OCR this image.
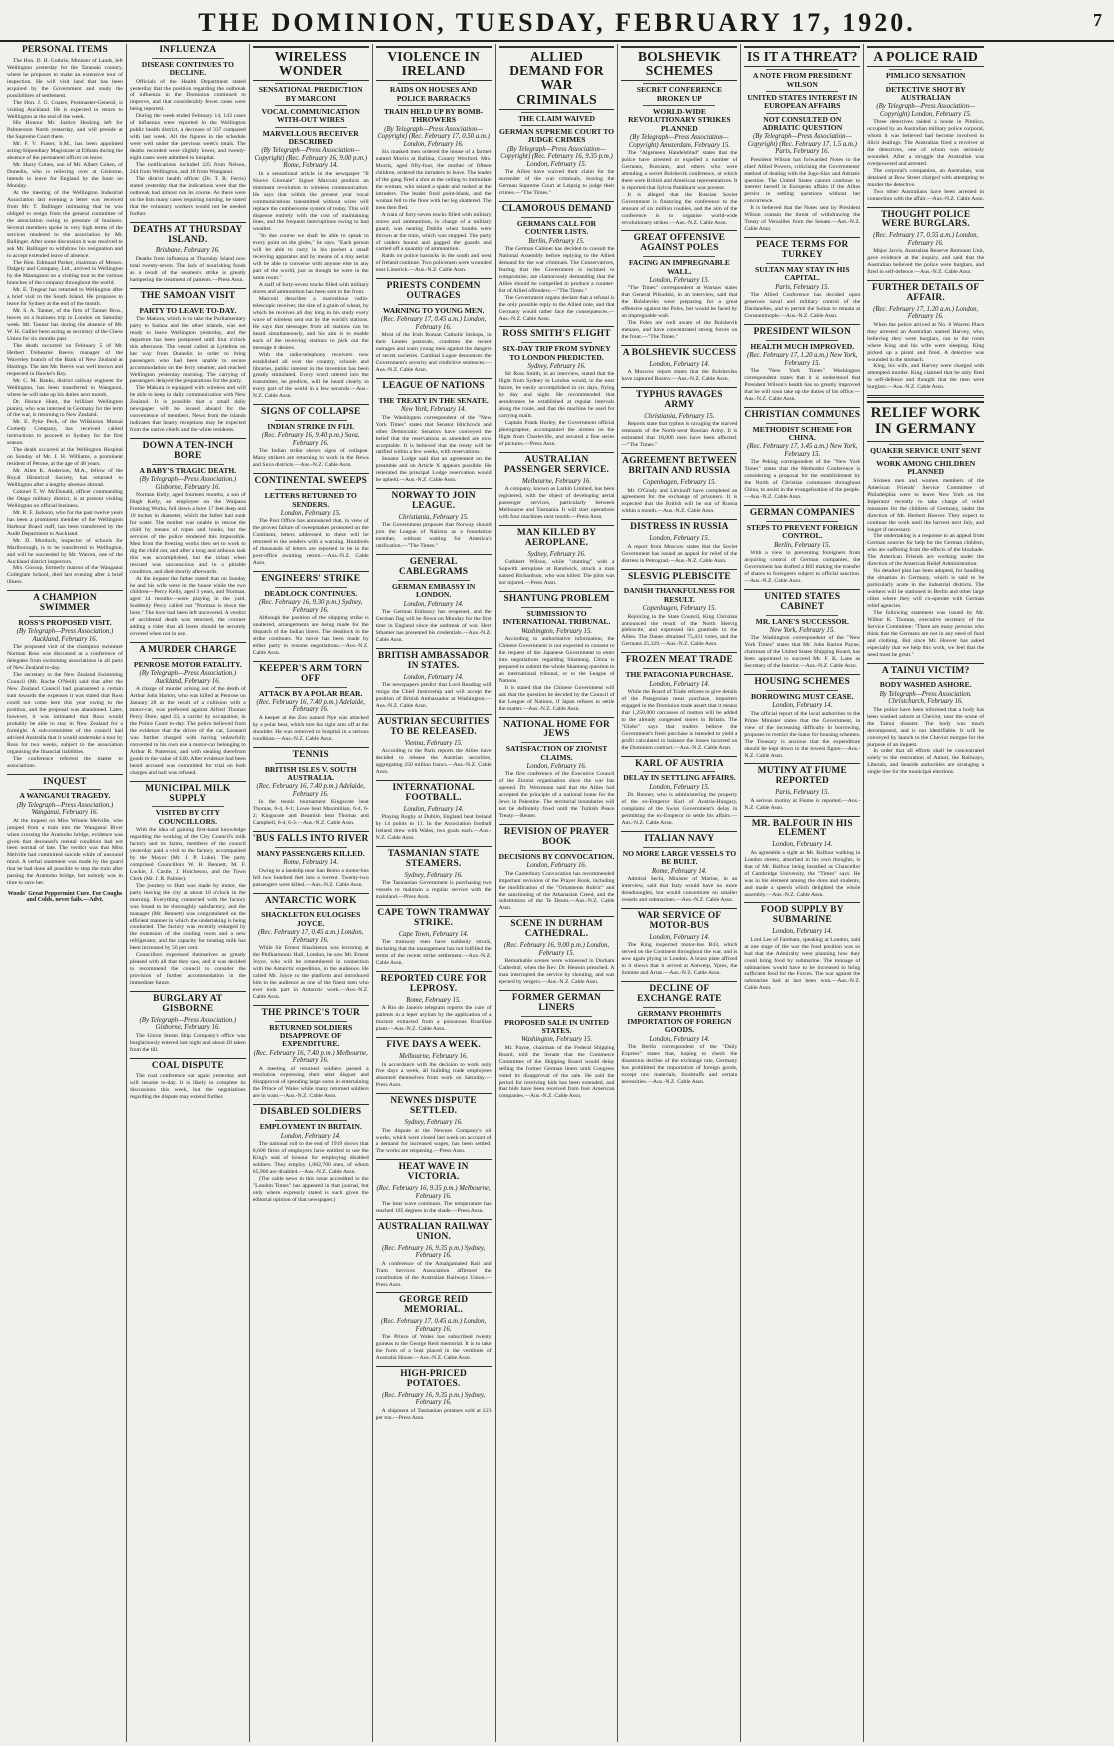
THE DOMINION, TUESDAY, FEBRUARY 17, 1920.	7
PERSONAL ITEMS

The Hon. D. H. Guthrie, Minister of Lands, left Wellington yesterday for the Taranaki country, where he proposes to make an extensive tour of inspection. He will visit land that has been acquired by the Government and study the possibilities of settlement.

The Hon. J. G. Coates, Postmaster-General, is visiting Auckland. He is expected to return to Wellington at the end of the week.

His Honour Mr. Justice Hosking left for Palmerston North yesterday, and will preside at the Supreme Court there.

Mr. F. V. Fraser, S.M., has been appointed acting-Stipendiary Magistrate at Eltham during the absence of the permanent officer on leave.

Mr. Harry Cohen, son of Mr. Albert Cohen, of Dunedin, who is relieving over at Gisborne, intends to leave for England by the Ionic on Monday.

At the meeting of the Wellington Industrial Association last evening a letter was received from Mr. T. Ballinger intimating that he was obliged to resign from the general committee of the association owing to pressure of business. Several members spoke in very high terms of the services rendered to the association by Mr. Ballinger. After some discussion it was resolved to ask Mr. Ballinger to withdraw his resignation and to accept extended leave of absence.

The Hon. Edmund Parker, chairman of Messrs. Dalgety and Company, Ltd., arrived in Wellington by the Maunganui on a visiting tour to the various branches of the company throughout the world.

Mr. E. Tregear has returned to Wellington after a brief visit to the South Island. He proposes to leave for Sydney at the end of the month.

Mr. S. A. Tanner, of the firm of Tanner Bros., leaves on a business trip to London on Saturday week. Mr. Tanner has during the absence of Mr. W. H. Gallier been acting as secretary of the Chess Union for six months past.

The death occurred on February 5 of Mr. Herbert Trehearne Reeve, manager of the Waverley branch of the Bank of New Zealand at Hastings. The late Mr. Reeve was well known and respected in Hawke's Bay.

Mr. C. M. Banks, district railway engineer for Wellington, has been transferred to Wanganui, where he will take up his duties next month.

Dr. Horace Hunt, the brilliant Wellington pianist, who was interned in Germany for the term of the war, is returning to New Zealand.

Mr. E. Pyke Peck, of the Wilkinson Mutual Comedy Company, has received cabled instructions to proceed to Sydney for the first season.

The death occurred at the Wellington Hospital on Sunday of Mr. J. H. Williams, a prominent resident of Petone, at the age of 48 years.

Mr. Allen K. Anderson, M.A., fellow of the Royal Historical Society, has returned to Wellington after a lengthy absence abroad.

Colonel T. W. McDonald, officer commanding the Otago military district, is at present visiting Wellington on official business.

Mr. R. F. Jackson, who for the past twelve years has been a prominent member of the Wellington Harbour Board staff, has been transferred by the Audit Department to Auckland.

Mr. D. Murdoch, inspector of schools for Marlborough, is to be transferred to Wellington, and will be succeeded by Mr. Warren, one of the Auckland district inspectors.

Mrs. Gossop, formerly matron of the Wanganui Collegiate School, died last evening after a brief illness.

A CHAMPION SWIMMER
ROSS'S PROPOSED VISIT.
(By Telegraph—Press Association.) Auckland, February 16.

The proposed visit of the champion swimmer Norman Ross was discussed at a conference of delegates from swimming associations in all parts of New Zealand to-day.

The secretary to the New Zealand Swimming Council (Mr. Roche O'Neill) said that after the New Zealand Council had guaranteed a certain sum towards the expenses it was stated that Ross could not come here this year owing to the position, and the proposal was abandoned. Later, however, it was intimated that Ross would probably be able to stay in New Zealand for a fortnight. A sub-committee of the council had advised Australia that it would undertake a tour by Ross for two weeks, subject to the association organising the financial liabilities.

The conference referred the matter to associations.

INQUEST
A WANGANUI TRAGEDY.
(By Telegraph—Press Association.) Wanganui, February 16.

At the inquest on Miss Winnie Melville, who jumped from a train into the Wanganui River when crossing the Aramoho bridge, evidence was given that deceased's mental condition had not been normal of late. The verdict was that Miss Melville had committed suicide while of unsound mind. A verbal statement was made by the guard that he had done all possible to stop the train after passing the Aramoho bridge, but nobody was in time to save her.

Woods' Great Peppermint Cure. For Coughs and Colds, never fails.—Advt.
INFLUENZA
DISEASE CONTINUES TO DECLINE.

Officials of the Health Department stated yesterday that the position regarding the outbreak of influenza in the Dominion continued to improve, and that considerably fewer cases were being reported.

During the week ended February 14, 143 cases of influenza were reported in the Wellington public health district, a decrease of 337 compared with last week. All the figures in the schedule were well under the previous week's totals. The deaths recorded were slightly lower, and twenty-eight cases were admitted to hospital.

The notifications included 225 from Nelson, 244 from Wellington, and 18 from Wanganui.

The district health officer (Dr. T. R. Ferris) stated yesterday that the indications were that the outbreak had almost run its course. As there were on the lists many cases requiring nursing, he stated that the voluntary workers would not be needed further.

DEATHS AT THURSDAY ISLAND.
Brisbane, February 16.

Deaths from influenza at Thursday Island now total twenty-seven. The lack of nourishing foods as a result of the seamen's strike is greatly hampering the treatment of patients.—Press Assn.

THE SAMOAN VISIT
PARTY TO LEAVE TO-DAY.

The Makura, which is to take the Parliamentary party to Samoa and the other islands, was not ready to leave Wellington yesterday, and the departure has been postponed until four o'clock this afternoon. The vessel called at Lyttelton on her way from Dunedin in order to bring passengers who had been unable to secure accommodation on the ferry steamer, and reached Wellington yesterday morning. The carrying of passengers delayed the preparations for the party.

The Makura is equipped with wireless and will be able to keep in daily communication with New Zealand. It is possible that a small daily newspaper will be issued aboard for the convenience of members. News from the islands indicates that hearty receptions may be expected from the native chiefs and the white residents.

DOWN A TEN-INCH BORE
A BABY'S TRAGIC DEATH.
(By Telegraph—Press Association.) Gisborne, February 16.

Norman Kelly, aged fourteen months, a son of Hugh Kelly, an employee on the Waipaoa Freezing Works, fell down a bore 17 feet deep and 10 inches in diameter, which the father had sunk for water. The mother was unable to rescue the child by means of ropes and hooks, but the services of the police rendered this impossible. Men from the freezing works then set to work to dig the child out, and after a long and arduous task this was accomplished, but the infant when rescued was unconscious and in a pitiable condition, and died shortly afterwards.

At the inquest the father stated that on Sunday he and his wife were in the house while the two children—Percy Kelly, aged 3 years, and Norman, aged 14 months—were playing in the yard. Suddenly Percy called out "Norman is down the bore." The bore had been left uncovered. A verdict of accidental death was returned, the coroner adding a rider that all bores should be securely covered when not in use.

A MURDER CHARGE
PENROSE MOTOR FATALITY.
(By Telegraph—Press Association.) Auckland, February 16.

A charge of murder arising out of the death of Arthur John Harton, who was killed at Penrose on January 28 as the result of a collision with a motor-car, was preferred against Alfred Thomas Percy Dore, aged 23, a carrier by occupation, in the Police Court to-day. The police believed from the evidence that the driver of the car, Leonard was further charged with having unlawfully converted to his own use a motor-car belonging to Arthur R. Patterson, and with stealing therefrom goods to the value of £40. After evidence had been heard accused was committed for trial on both charges and bail was refused.

MUNICIPAL MILK SUPPLY
VISITED BY CITY COUNCILLORS.

With the idea of gaining first-hand knowledge regarding the working of the City Council's milk factory and its farms, members of the council yesterday paid a visit to the factory, accompanied by the Mayor (Mr. J. P. Luke). The party comprised Councillors W. H. Bennett, M. F. Luckie, J. Castle, J. Hutcheson, and the Town Clerk (Mr. J. R. Palmer).

The journey to Hutt was made by motor, the party leaving the city at about 10 o'clock in the morning. Everything connected with the factory was found to be thoroughly satisfactory, and the manager (Mr. Bennett) was congratulated on the efficient manner in which the undertaking is being conducted. The factory was recently enlarged by the extension of the cooling room and a new refrigerator, and the capacity for treating milk has been increased by 50 per cent.

Councillors expressed themselves as greatly pleased with all that they saw, and it was decided to recommend the council to consider the provision of further accommodation in the immediate future.

BURGLARY AT GISBORNE
(By Telegraph—Press Association.) Gisborne, February 16.

The Union Steam Ship Company's office was burglariously entered last night and about £8 taken from the till.

COAL DISPUTE

The coal conference sat again yesterday and will resume to-day. It is likely to complete its discussions this week, but the negotiations regarding the dispute may extend further.

WIRELESS WONDER
SENSATIONAL PREDICTION BY MARCONI
VOCAL COMMUNICATION WITH-OUT WIRES
MARVELLOUS RECEIVER DESCRIBED
(By Telegraph—Press Association—Copyright) (Rec. February 16, 9.00 p.m.) Rome, February 14.

In a sensational article in the newspaper "Il Nuovo Giornale" Signor Marconi predicts an imminent revolution in wireless communication. He says that within the present year vocal communications transmitted without wires will replace the cumbersome system of today. This will dispense entirely with the cost of maintaining lines, and the frequent interruptions owing to bad weather.

"In due course we shall be able to speak to every point on the globe," he says. "Each person will be able to carry in his pocket a small receiving apparatus and by means of a tiny aerial will be able to converse with anyone else in any part of the world, just as though he were in the same room."

A staff of forty-seven trucks filled with military stores and ammunition has been sent to the front.

Marconi describes a marvellous radio-telescopic receiver, the size of a grain of wheat, by which he receives all day long in his study every wave of wireless sent out by the world's stations. He says that messages from all stations can be heard simultaneously, and his aim is to enable each of the receiving stations to pick out the message it desires.

With the radio-telephony receivers now established all over the country, schools and libraries, public interest in the invention has been greatly stimulated. Every word uttered into the transmitter, he predicts, will be heard clearly in every part of the world in a few seconds.—Aus.-N.Z. Cable Assn.

SIGNS OF COLLAPSE
INDIAN STRIKE IN FIJI.
(Rec. February 16, 9.40 p.m.) Suva, February 16.

The Indian strike shows signs of collapse. Many strikers are returning to work in the Rewa and Suva districts.—Aus.-N.Z. Cable Assn.

CONTINENTAL SWEEPS
LETTERS RETURNED TO SENDERS.
London, February 15.

The Post Office has announced that, in view of the proven failure of sweepstakes promoted on the Continent, letters addressed to these will be returned to the senders with a warning. Hundreds of thousands of letters are reported to be in the post-office awaiting return.—Aus.-N.Z. Cable Assn.

ENGINEERS' STRIKE
DEADLOCK CONTINUES.
(Rec. February 16, 9.30 p.m.) Sydney, February 16.

Although the position of the shipping strike is unaltered, arrangements are being made for the dispatch of the Indian liners. The deadlock in the strike continues. No move has been made by either party to resume negotiations.—Aus.-N.Z. Cable Assn.

KEEPER'S ARM TORN OFF
ATTACK BY A POLAR BEAR.
(Rec. February 16, 7.40 p.m.) Adelaide, February 16.

A keeper at the Zoo named Nye was attacked by a polar bear, which tore his right arm off at the shoulder. He was removed to hospital in a serious condition.—Aus.-N.Z. Cable Assn.

TENNIS
BRITISH ISLES V. SOUTH AUSTRALIA.
(Rec. February 16, 7.40 p.m.) Adelaide, February 16.

In the tennis tournament Kingscote beat Thomas, 6-4, 6-1; Lowe beat Maximilian, 6-4, 6-2; Kingscote and Beamish beat Thomas and Campbell, 6-4, 6-3.—Aus.-N.Z. Cable Assn.

'BUS FALLS INTO RIVER
MANY PASSENGERS KILLED.
Rome, February 14.

Owing to a landslip near San Remo a motor-bus fell two hundred feet into a torrent. Twenty-two passengers were killed.—Aus.-N.Z. Cable Assn.

ANTARCTIC WORK
SHACKLETON EULOGISES JOYCE.
(Rec. February 17, 0.45 a.m.) London, February 16.

While Sir Ernest Shackleton was lecturing at the Philharmonic Hall, London, he saw Mr. Ernest Joyce, who will be remembered in connection with the Antarctic expedition, in the audience. He called Mr. Joyce to the platform and introduced him to the audience as one of the finest men who ever took part in Antarctic work.—Aus.-N.Z. Cable Assn.

THE PRINCE'S TOUR
RETURNED SOLDIERS DISAPPROVE OF EXPENDITURE.
(Rec. February 16, 7.40 p.m.) Melbourne, February 16.

A meeting of returned soldiers passed a resolution expressing their utter disgust and disapproval of spending large sums in entertaining the Prince of Wales while many returned soldiers are in want.—Aus.-N.Z. Cable Assn.

DISABLED SOLDIERS
EMPLOYMENT IN BRITAIN.
London, February 14.

The national roll to the end of 1919 shows that 8,600 firms of employers have entitled to use the King's seal of honour for employing disabled soldiers. They employ 1,082,700 men, of whom 65,900 are disabled.—Aus.-N.Z. Cable Assn.

(The cable news in this issue accredited to the "London Times" has appeared in that journal, but only where expressly stated is such given the editorial opinion of that newspaper.)

VIOLENCE IN IRELAND
RAIDS ON HOUSES AND POLICE BARRACKS
TRAIN HELD UP BY BOMB-THROWERS
(By Telegraph—Press Association—Copyright) (Rec. February 17, 0.50 a.m.) London, February 16.

Six masked men ordered the house of a farmer named Morris at Ballina, County Wexford. Mrs. Morris, aged fifty-four, the mother of fifteen children, ordered the intruders to leave. The leader of the gang fired a shot at the ceiling to intimidate the woman, who seized a spade and rushed at the intruders. The leader fired point-blank, and the woman fell to the floor with her leg shattered. The men then fled.

A train of forty-seven trucks filled with military stores and ammunition, in charge of a military guard, was nearing Dublin when bombs were thrown at the train, which was stopped. The party of raiders bound and gagged the guards and carried off a quantity of ammunition.

Raids on police barracks in the south and west of Ireland continue. Two policemen were wounded near Limerick.—Aus.-N.Z. Cable Assn.

PRIESTS CONDEMN OUTRAGES
WARNING TO YOUNG MEN.
(Rec. February 17, 0.45 a.m.) London, February 16.

Most of the Irish Roman Catholic bishops, in their Lenten pastorals, condemn the recent outrages and warn young men against the dangers of secret societies. Cardinal Logue denounces the Government's severity and vindictive sentences.—Aus.-N.Z. Cable Assn.

LEAGUE OF NATIONS
THE TREATY IN THE SENATE.
New York, February 14.

The Washington correspondent of the "New York Times" states that Senator Hitchcock and other Democratic Senators have conveyed the belief that the reservations as amended are now acceptable. It is believed that the treaty will be ratified within a few weeks, with reservations.

Senator Lodge said that an agreement on the preamble and on Article X appears possible. He reiterated the principal Lodge reservation would be upheld.—Aus.-N.Z. Cable Assn.

NORWAY TO JOIN LEAGUE.
Christiania, February 15.

The Government proposes that Norway should join the League of Nations as a foundation member, without waiting for America's ratification.—"The Times."

GENERAL CABLEGRAMS
GERMAN EMBASSY IN LONDON.
London, February 14.

The German Embassy has reopened, and the German flag will be flown on Monday for the first time in England since the outbreak of war. Herr Sthamer has presented his credentials.—Aus.-N.Z. Cable Assn.

BRITISH AMBASSADOR IN STATES.
London, February 14.

The newspapers predict that Lord Reading will resign the Chief Justiceship and will accept the position of British Ambassador at Washington.—Aus.-N.Z. Cable Assn.

AUSTRIAN SECURITIES TO BE RELEASED.
Vienna, February 15.

According to the Paris reports the Allies have decided to release the Austrian securities, aggregating 250 million francs.—Aus.-N.Z. Cable Assn.

INTERNATIONAL FOOTBALL.
London, February 14.

Playing Rugby at Dublin, England beat Ireland by 14 points to 11. In the Association football Ireland drew with Wales, two goals each.—Aus.-N.Z. Cable Assn.

TASMANIAN STATE STEAMERS.
Sydney, February 16.

The Tasmanian Government is purchasing two vessels to maintain a regular service with the mainland.—Press Assn.

CAPE TOWN TRAMWAY STRIKE.
Cape Town, February 14.

The tramway men have suddenly struck, declaring that the management has not fulfilled the terms of the recent strike settlement.—Aus.-N.Z. Cable Assn.

REPORTED CURE FOR LEPROSY.
Rome, February 15.

A Rio de Janeiro telegram reports the cure of patients in a leper asylum by the application of a tincture extracted from a poisonous Brazilian plant.—Aus.-N.Z. Cable Assn.

FIVE DAYS A WEEK.
Melbourne, February 16.

In accordance with the decision to work only five days a week, all building trade employees absented themselves from work on Saturday.—Press Assn.

NEWNES DISPUTE SETTLED.
Sydney, February 16.

The dispute at the Newnes Company's oil works, which were closed last week on account of a demand for increased wages, has been settled. The works are reopening.—Press Assn.

HEAT WAVE IN VICTORIA.
(Rec. February 16, 9.35 p.m.) Melbourne, February 16.

The heat wave continues. The temperature has reached 105 degrees in the shade.—Press Assn.

AUSTRALIAN RAILWAY UNION.
(Rec. February 16, 9.35 p.m.) Sydney, February 16.

A conference of the Amalgamated Rail and Tram Services Association affirmed the constitution of the Australian Railways Union.—Press Assn.

GEORGE REID MEMORIAL.
(Rec. February 17, 0.45 a.m.) London, February 16.

The Prince of Wales has subscribed twenty guineas to the George Reid memorial. It is to take the form of a bust placed in the vestibule of Australia House.—Aus.-N.Z. Cable Assn.

HIGH-PRICED POTATOES.
(Rec. February 16, 9.35 p.m.) Sydney, February 16.

A shipment of Tasmanian potatoes sold at £23 per ton.—Press Assn.

ALLIED DEMAND FOR WAR CRIMINALS
THE CLAIM WAIVED
GERMAN SUPREME COURT TO JUDGE CRIMES
(By Telegraph—Press Association—Copyright) (Rec. February 16, 9.35 p.m.) London, February 15.

The Allies have waived their claim for the surrender of the war criminals, leaving the German Supreme Court at Leipzig to judge their crimes.—"The Times."

CLAMOROUS DEMAND
GERMANS CALL FOR COUNTER LISTS.
Berlin, February 15.

The German Cabinet has decided to consult the National Assembly before replying to the Allied demand for the war criminals. The Conservatives, fearing that the Government is inclined to compromise, are clamorously demanding that the Allies should be compelled to produce a counter-list of Allied offenders.—"The Times."

The Government organs declare that a refusal is the only possible reply to the Allied note, and that Germany would rather face the consequences.—Aus.-N.Z. Cable Assn.

ROSS SMITH'S FLIGHT
SIX-DAY TRIP FROM SYDNEY TO LONDON PREDICTED.
Sydney, February 16.

Sir Ross Smith, in an interview, stated that the flight from Sydney to London would, in the near future, be easily accomplished in six days, flying by day and night. He recommended that aerodromes be established at regular intervals along the route, and that the machine be used for carrying mails.

Captain Frank Hurley, the Government official photographer, accompanied the airmen on the flight from Charleville, and secured a fine series of pictures.—Press Assn.

AUSTRALIAN PASSENGER SERVICE.
Melbourne, February 16.

A company, known as Larkin Limited, has been registered, with the object of developing aerial passenger services, particularly between Melbourne and Tasmania. It will start operations with four machines next month.—Press Assn.

MAN KILLED BY AEROPLANE.
Sydney, February 16.

Cuthbert Wilson, while "stunting" with a Sopwith aeroplane at Randwick, struck a man named Richardson, who was killed. The pilot was not injured.—Press Assn.

SHANTUNG PROBLEM
SUBMISSION TO INTERNATIONAL TRIBUNAL.
Washington, February 15.

According to authoritative information, the Chinese Government is not expected to consent to the request of the Japanese Government to enter into negotiations regarding Shantung. China is prepared to submit the whole Shantung question to an international tribunal, or to the League of Nations.

It is stated that the Chinese Government will ask that the question be decided by the Council of the League of Nations, if Japan refuses to settle the matter.—Aus.-N.Z. Cable Assn.

NATIONAL HOME FOR JEWS
SATISFACTION OF ZIONIST CLAIMS.
London, February 16.

The first conference of the Executive Council of the Zionist organisation since the war has opened. Dr. Weizmann said that the Allies had accepted the principle of a national home for the Jews in Palestine. The territorial boundaries will not be definitely fixed until the Turkish Peace Treaty.—Reuter.

REVISION OF PRAYER BOOK
DECISIONS BY CONVOCATION.
London, February 16.

The Canterbury Convocation has recommended important revisions of the Prayer Book, including the modification of the "Ornaments Rubric" and the sanctioning of the Athanasian Creed, and the substitution of the Te Deum.—Aus.-N.Z. Cable Assn.

SCENE IN DURHAM CATHEDRAL.
(Rec. February 16, 9.00 p.m.) London, February 15.

Remarkable scenes were witnessed in Durham Cathedral, when the Rev. Dr. Henson preached. A man interrupted the service by shouting, and was ejected by vergers.—Aus.-N.Z. Cable Assn.

FORMER GERMAN LINERS
PROPOSED SALE IN UNITED STATES.
Washington, February 15.

Mr. Payne, chairman of the Federal Shipping Board, told the Senate that the Commerce Committee of the Shipping Board would delay selling the former German liners until Congress voted its disapproval of the sale. He said the period for receiving bids has been extended, and that bids have been received from four American companies.—Aus.-N.Z. Cable Assn.

BOLSHEVIK SCHEMES
SECRET CONFERENCE BROKEN UP
WORLD-WIDE REVOLUTIONARY STRIKES PLANNED
(By Telegraph—Press Association—Copyright) Amsterdam, February 15.

The "Algemeen Handelsblad" states that the police have arrested or expelled a number of Germans, Russians, and others who were attending a secret Bolshevik conference, at which there were British and American representatives. It is reported that Sylvia Pankhurst was present.

It is alleged that the Russian Soviet Government is financing the conference to the amount of six million roubles, and the aim of the conference is to organise world-wide revolutionary strikes.—Aus.-N.Z. Cable Assn.

GREAT OFFENSIVE AGAINST POLES
FACING AN IMPREGNABLE WALL.
London, February 15.

"The Times" correspondent at Warsaw states that General Pilsudski, in an interview, said that the Bolsheviks were preparing for a great offensive against the Poles, but would be faced by an impregnable wall.

The Poles are well aware of the Bolshevik menace, and have concentrated strong forces on the front.—"The Times."

A BOLSHEVIK SUCCESS
London, February 14.

A Moscow report states that the Bolsheviks have captured Rostov.—Aus.-N.Z. Cable Assn.

TYPHUS RAVAGES ARMY
Christiania, February 15.

Reports state that typhus is ravaging the starved remnants of the North-west Russian Army. It is estimated that 18,000 men have been affected.—"The Times."

AGREEMENT BETWEEN BRITAIN AND RUSSIA
Copenhagen, February 15.

Mr. O'Grady and Litvinoff have completed an agreement for the exchange of prisoners. It is expected that the British will be out of Russia within a month.—Aus.-N.Z. Cable Assn.

DISTRESS IN RUSSIA
London, February 15.

A report from Moscow states that the Soviet Government has issued an appeal for relief of the distress in Petrograd.—Aus.-N.Z. Cable Assn.

SLESVIG PLEBISCITE
DANISH THANKFULNESS FOR RESULT.
Copenhagen, February 15.

Rejoicing in the State Council, King Christian announced the result of the North Slesvig plebiscite, and expressed his gratitude to the Allies. The Danes obtained 75,431 votes, and the Germans 25,329.—Aus.-N.Z. Cable Assn.

FROZEN MEAT TRADE
THE PATAGONIA PURCHASE.
London, February 14.

While the Board of Trade refuses to give details of the Patagonian meat purchase, importers engaged in the Dominion trade assert that it means that 1,250,000 carcasses of mutton will be added to the already congested stores in Britain. The "Globe" says that traders believe the Government's fresh purchase is intended to yield a profit calculated to balance the losses incurred on the Dominion contract.—Aus.-N.Z. Cable Assn.

KARL OF AUSTRIA
DELAY IN SETTLING AFFAIRS.
London, February 15.

Dr. Renner, who is administering the property of the ex-Emperor Karl of Austria-Hungary, complains of the Swiss Government's delay in permitting the ex-Emperor to settle his affairs.—Aus.-N.Z. Cable Assn.

ITALIAN NAVY
NO MORE LARGE VESSELS TO BE BUILT.
Rome, February 14.

Admiral Sechi, Minister of Marine, in an interview, said that Italy would have no more dreadnoughts, but would concentrate on smaller vessels and submarines.—Aus.-N.Z. Cable Assn.

WAR SERVICE OF MOTOR-BUS
London, February 14.

The King inspected motor-bus B43, which served on the Continent throughout the war, and is now again plying in London. A brass plate affixed to it shows that it served at Antwerp, Ypres, the Somme and Arras.—Aus.-N.Z. Cable Assn.

DECLINE OF EXCHANGE RATE
GERMANY PROHIBITS IMPORTATION OF FOREIGN GOODS.
London, February 14.

The Berlin correspondent of the "Daily Express" states that, hoping to check the disastrous decline of the exchange rate, Germany has prohibited the importation of foreign goods, except raw materials, foodstuffs and certain necessities.—Aus.-N.Z. Cable Assn.

IS IT A THREAT?
A NOTE FROM PRESIDENT WILSON
UNITED STATES INTEREST IN EUROPEAN AFFAIRS
NOT CONSULTED ON ADRIATIC QUESTION
(By Telegraph—Press Association—Copyright) (Rec. February 17, 1.5 a.m.) Paris, February 16.

President Wilson has forwarded Notes to the chief Allied Powers, criticising the Governments' method of dealing with the Jugo-Slav and Adriatic question. The United States cannot continue to interest herself in European affairs if the Allies persist in settling questions without her concurrence.

It is believed that the Notes sent by President Wilson contain the threat of withdrawing the Treaty of Versailles from the Senate.—Aus.-N.Z. Cable Assn.

PEACE TERMS FOR TURKEY
SULTAN MAY STAY IN HIS CAPITAL.
Paris, February 15.

The Allied Conference has decided upon generous naval and military control of the Dardanelles, and to permit the Sultan to remain at Constantinople.—Aus.-N.Z. Cable Assn.

PRESIDENT WILSON
HEALTH MUCH IMPROVED.
(Rec. February 17, 1.20 a.m.) New York, February 15.

The "New York Times" Washington correspondent states that it is understood that President Wilson's health has so greatly improved that he will soon take up the duties of his office.—Aus.-N.Z. Cable Assn.

CHRISTIAN COMMUNES
METHODIST SCHEME FOR CHINA.
(Rec. February 17, 1.45 a.m.) New York, February 15.

The Peking correspondent of the "New York Times" states that the Methodist Conference is considering a proposal for the establishment by the North of Christian communes throughout China, to assist in the evangelisation of the people.—Aus.-N.Z. Cable Assn.

GERMAN COMPANIES
STEPS TO PREVENT FOREIGN CONTROL.
Berlin, February 15.

With a view to preventing foreigners from acquiring control of German companies, the Government has drafted a Bill making the transfer of shares to foreigners subject to official sanction.—Aus.-N.Z. Cable Assn.

UNITED STATES CABINET
MR. LANE'S SUCCESSOR.
New York, February 15.

The Washington correspondent of the "New York Times" states that Mr. John Barton Payne, chairman of the United States Shipping Board, has been appointed to succeed Mr. F. K. Lane as Secretary of the Interior.—Aus.-N.Z. Cable Assn.

HOUSING SCHEMES
BORROWING MUST CEASE.
London, February 14.

The official report of the local authorities to the Prime Minister states that the Government, in view of the increasing difficulty in borrowing, proposes to restrict the loans for housing schemes. The Treasury is anxious that the expenditure should be kept down to the lowest figure.—Aus.-N.Z. Cable Assn.

MUTINY AT FIUME REPORTED
Paris, February 15.

A serious mutiny at Fiume is reported.—Aus.-N.Z. Cable Assn.

MR. BALFOUR IN HIS ELEMENT
London, February 14.

As agreeable a sight as Mr. Balfour walking in London streets, absorbed in his own thoughts, is that of Mr. Balfour being installed as Chancellor of Cambridge University, the "Times" says. He was in his element among the dons and students, and made a speech which delighted the whole assembly.—Aus.-N.Z. Cable Assn.

FOOD SUPPLY BY SUBMARINE
London, February 14.

Lord Lee of Fareham, speaking at London, said at one stage of the war the food position was so bad that the Admiralty were planning how they could bring food by submarine. The tonnage of submarines would have to be increased to bring sufficient food for the Forces. The war against the submarine had at last been won.—Aus.-N.Z. Cable Assn.

A POLICE RAID
PIMLICO SENSATION
DETECTIVE SHOT BY AUSTRALIAN
(By Telegraph—Press Association—Copyright) London, February 15.

Three detectives raided a house in Pimlico, occupied by an Australian military police corporal, whom it was believed had become involved in illicit dealings. The Australian fired a revolver at the detectives, one of whom was seriously wounded. After a struggle the Australian was overpowered and arrested.

The corporal's companion, an Australian, was detained at Bow Street charged with attempting to murder the detective.

Two other Australians have been arrested in connection with the affair.—Aus.-N.Z. Cable Assn.

THOUGHT POLICE WERE BURGLARS.
(Rec. February 17, 0.55 a.m.) London, February 16.

Major Jarvis, Australian Reserve Remount Unit, gave evidence at the inquiry, and said that the Australian believed the police were burglars, and fired in self-defence.—Aus.-N.Z. Cable Assn.

FURTHER DETAILS OF AFFAIR.
(Rec. February 17, 1.20 a.m.) London, February 16.

When the police arrived at No. 8 Warren Place they arrested an Australian named Harvey, who, believing they were burglars, ran to the room where King and his wife were sleeping. King picked up a pistol and fired. A detective was wounded in the stomach.

King, his wife, and Harvey were charged with attempted murder. King claimed that he only fired in self-defence and thought that the men were burglars.—Aus.-N.Z. Cable Assn.

RELIEF WORK IN GERMANY
QUAKER SERVICE UNIT SENT
WORK AMONG CHILDREN PLANNED

Sixteen men and women members of the American Friends' Service Committee of Philadelphia were to leave New York on the Imperator recently to take charge of relief measures for the children of Germany, under the direction of Mr. Herbert Hoover. They expect to continue the work until the harvest next July, and longer if necessary.

The undertaking is a response to an appeal from German sources for help for the German children, who are suffering from the effects of the blockade. The American Friends are working under the direction of the American Relief Administration.

No detailed plan has been adopted, for handling the situation in Germany, which is said to be particularly acute in the industrial districts. The workers will be stationed in Berlin and other large cities where they will co-operate with German relief agencies.

The following statement was issued by Mr. Wilbur K. Thomas, executive secretary of the Service Committee: "There are many persons who think that the Germans are not in any need of food and clothing. But since Mr. Hoover has asked especially that we help this work, we feel that the need must be great."

A TAINUI VICTIM?
BODY WASHED ASHORE.
By Telegraph—Press Association. Christchurch, February 16.

The police have been informed that a body has been washed ashore at Cheviot, near the scene of the Tainui disaster. The body was much decomposed, and is not identifiable. It will be conveyed by launch to the Cheviot morgue for the purpose of an inquest.

In order that all efforts shall be concentrated solely to the restoration of Amuri, the Railways, Liberals, and Seaside authorities are arranging a single line for the municipal elections.
